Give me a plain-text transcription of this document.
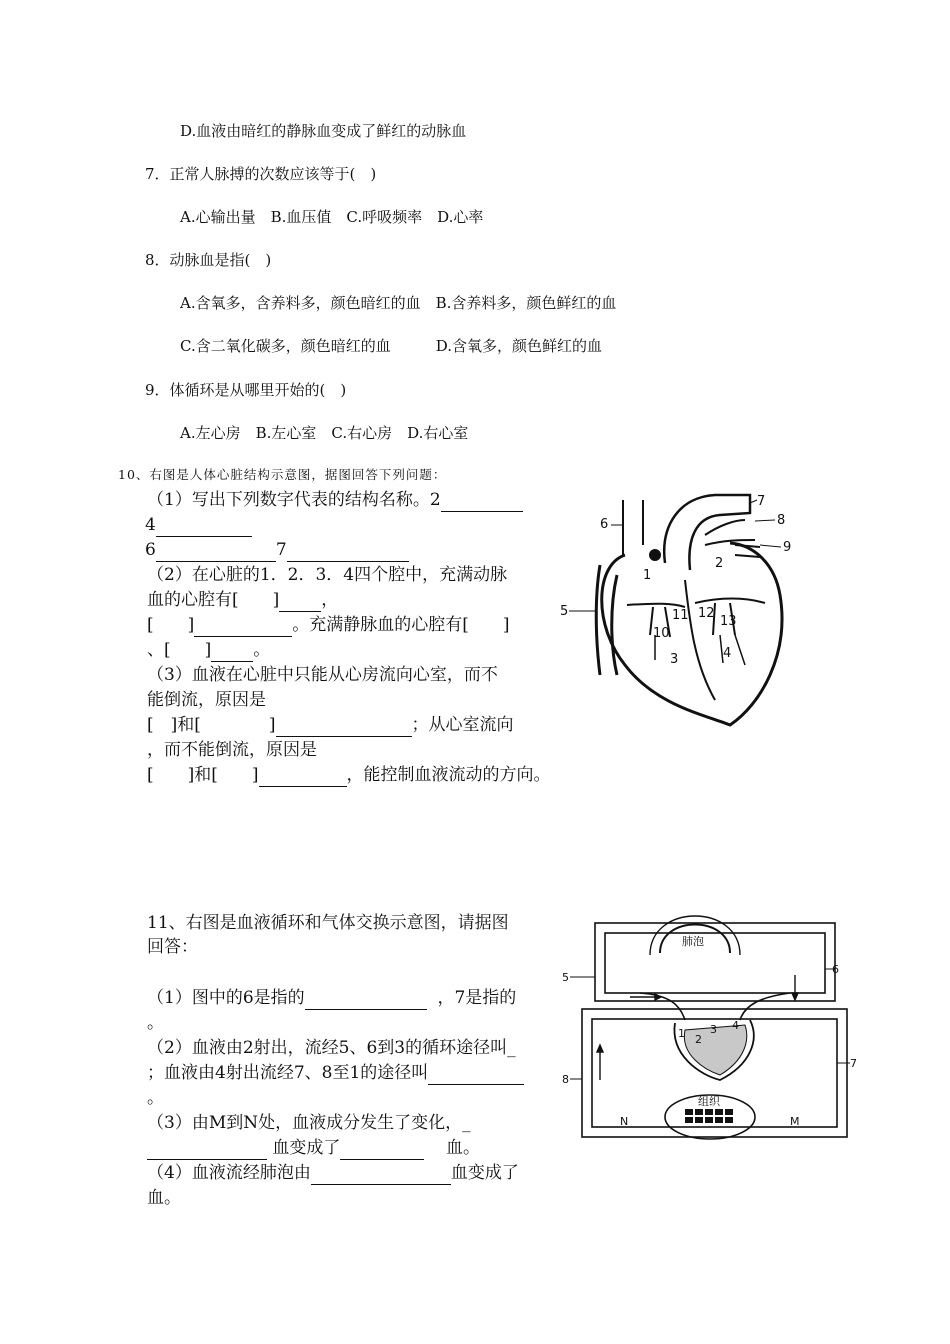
D.血液由暗红的静脉血变成了鲜红的动脉血
7．正常人脉搏的次数应该等于(　)
A.心输出量　B.血压值　C.呼吸频率　D.心率
8．动脉血是指(　)
A.含氧多，含养料多，颜色暗红的血　B.含养料多，颜色鲜红的血
C.含二氧化碳多，颜色暗红的血　　　D.含氧多，颜色鲜红的血
9．体循环是从哪里开始的(　)
A.左心房　B.左心室　C.右心房　D.右心室
10、右图是人体心脏结构示意图，据图回答下列问题：
（1）写出下列数字代表的结构名称。2
4
6	7
（2）在心脏的1．2．3．4四个腔中，充满动脉
血的心腔有[　　] ，
[　　]	。充满静脉血的心腔有[　　]
、[　　] 。
（3）血液在心脏中只能从心房流向心室，而不
能倒流，原因是
[　]和[　　　　]	；从心室流向
，而不能倒流，原因是
[　　]和[　　]	，能控制血液流动的方向。
1
2
3	4
5
6
7
8
9
10
11 12
13
11、右图是血液循环和气体交换示意图，请据图
回答：
（1）图中的6是指的	，7是指的
。
（2）血液由2射出，流经5、6到3的循环途径叫_
；血液由4射出流经7、8至1的途径叫
。
（3）由M到N处，血液成分发生了变化，_
血变成了	血。
（4）血液流经肺泡由	血变成了
血。
肺泡
组织
N	M
1 2
3 4
5
6
7
8
